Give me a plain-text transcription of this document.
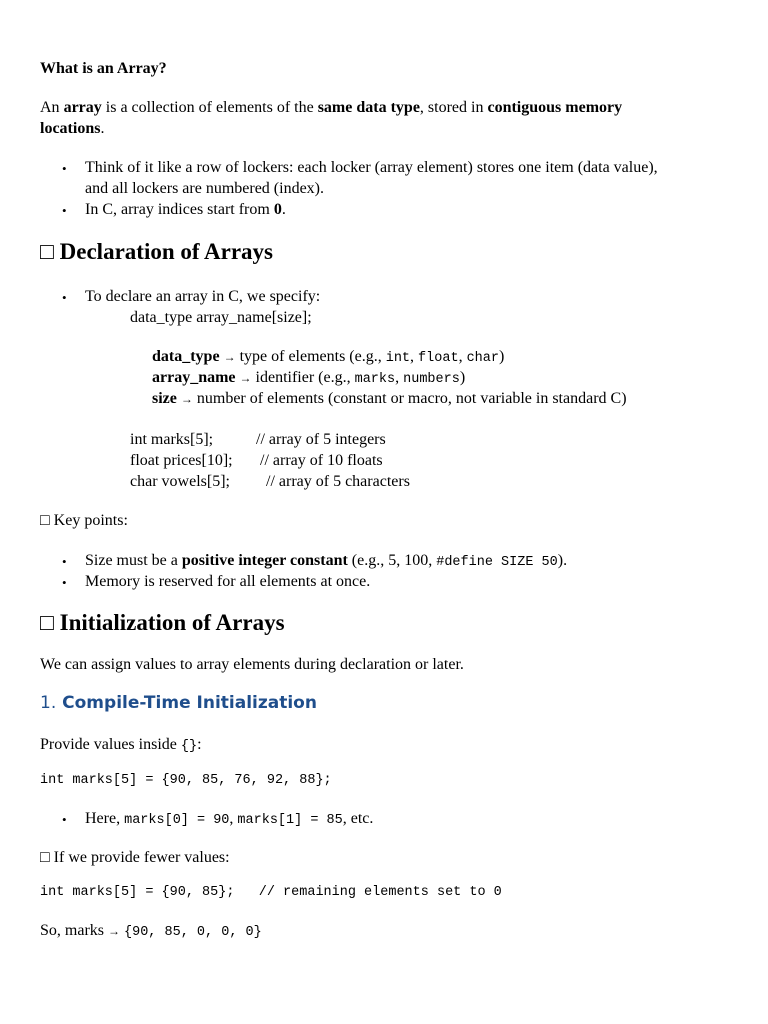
What is an Array?
An array is a collection of elements of the same data type, stored in contiguous memory
locations.
• Think of it like a row of lockers: each locker (array element) stores one item (data value),
and all lockers are numbered (index).
• In C, array indices start from 0.
□ Declaration of Arrays
• To declare an array in C, we specify:
data_type array_name[size];
data_type → type of elements (e.g., int, float, char)
array_name → identifier (e.g., marks, numbers)
size → number of elements (constant or macro, not variable in standard C)
int marks[5];	// array of 5 integers
float prices[10]; // array of 10 floats
char vowels[5]; // array of 5 characters
□ Key points:
• Size must be a positive integer constant (e.g., 5, 100, #define SIZE 50).
• Memory is reserved for all elements at once.
□ Initialization of Arrays
We can assign values to array elements during declaration or later.
1. Compile-Time Initialization
Provide values inside {}:
int marks[5] = {90, 85, 76, 92, 88};
• Here, marks[0] = 90, marks[1] = 85, etc.
□ If we provide fewer values:
int marks[5] = {90, 85};   // remaining elements set to 0
So, marks → {90, 85, 0, 0, 0}
